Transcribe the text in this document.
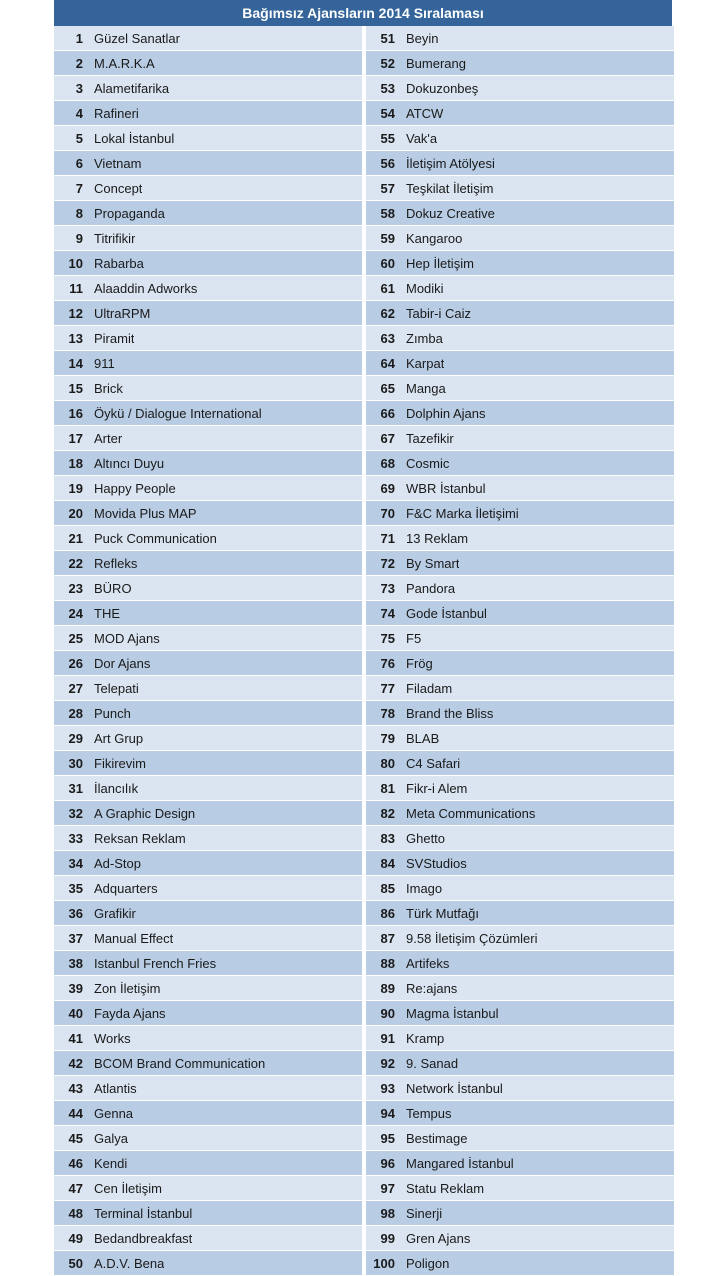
Bağımsız Ajansların 2014 Sıralaması
1 Güzel Sanatlar
2 M.A.R.K.A
3 Alametifarika
4 Rafineri
5 Lokal İstanbul
6 Vietnam
7 Concept
8 Propaganda
9 Titrifikir
10 Rabarba
11 Alaaddin Adworks
12 UltraRPM
13 Piramit
14 911
15 Brick
16 Öykü / Dialogue International
17 Arter
18 Altıncı Duyu
19 Happy People
20 Movida Plus MAP
21 Puck Communication
22 Refleks
23 BÜRO
24 THE
25 MOD Ajans
26 Dor Ajans
27 Telepati
28 Punch
29 Art Grup
30 Fikirevim
31 İlancılık
32 A Graphic Design
33 Reksan Reklam
34 Ad-Stop
35 Adquarters
36 Grafikir
37 Manual Effect
38 Istanbul French Fries
39 Zon İletişim
40 Fayda Ajans
41 Works
42 BCOM Brand Communication
43 Atlantis
44 Genna
45 Galya
46 Kendi
47 Cen İletişim
48 Terminal İstanbul
49 Bedandbreakfast
50 A.D.V. Bena
51 Beyin
52 Bumerang
53 Dokuzonbeş
54 ATCW
55 Vak'a
56 İletişim Atölyesi
57 Teşkilat İletişim
58 Dokuz Creative
59 Kangaroo
60 Hep İletişim
61 Modiki
62 Tabir-i Caiz
63 Zımba
64 Karpat
65 Manga
66 Dolphin Ajans
67 Tazefikir
68 Cosmic
69 WBR İstanbul
70 F&C Marka İletişimi
71 13 Reklam
72 By Smart
73 Pandora
74 Gode İstanbul
75 F5
76 Frög
77 Filadam
78 Brand the Bliss
79 BLAB
80 C4 Safari
81 Fikr-i Alem
82 Meta Communications
83 Ghetto
84 SVStudios
85 Imago
86 Türk Mutfağı
87 9.58 İletişim Çözümleri
88 Artifeks
89 Re:ajans
90 Magma İstanbul
91 Kramp
92 9. Sanad
93 Network İstanbul
94 Tempus
95 Bestimage
96 Mangared İstanbul
97 Statu Reklam
98 Sinerji
99 Gren Ajans
100 Poligon
